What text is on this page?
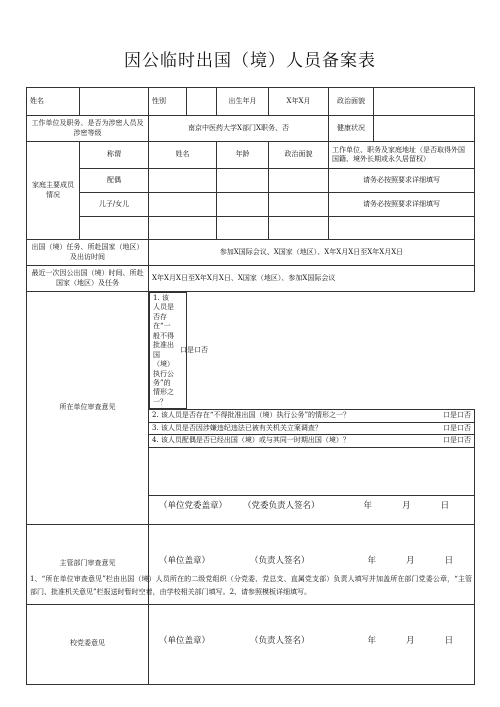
因公临时出国（境）人员备案表
姓名		性别		出生年月	X年X月	政治面貌	
工作单位及职务、是否为涉密人员及涉密等级		南京中医药大学X部门X职务、否				健康状况	
家庭主要成员情况	称谓	姓名		年龄	政治面貌	工作单位、职务及家庭地址（是否取得外国国籍、境外长期或永久居留权）	
	配偶					请务必按照要求详细填写	
	儿子/女儿					请务必按照要求详细填写	

出国（境）任务、所赴国家（地区）及出访时间		参加X国际会议、X国家（地区）、X年X月X日至X年X月X日					
最近一次因公出国（境）时间、所赴国家（地区）及任务		X年X月X日至X年X月X日、X国家（地区）、参加X国际会议					
所在单位审查意见	
1. 该人员是否存在“一般不得批准出国（境）执行公务”的情形之一？
口是口否

		2. 该人员是否存在“不得批准出国（境）执行公务”的情形之一？ 口是口否					

		3. 该人员是否因涉嫌违纪违法已被有关机关立案调查？ 口是口否					

		4. 该人员配偶是否已经出国（境）或与其同一时期出国（境）？ 口是口否					

		（单位党委盖章） （党委负责人签名） 年 月 日					

主管部门审查意见		（单位盖章） （负责人签名） 年 月 日					

校党委意见		（单位盖章） （负责人签名） 年 月 日					
1、“所在单位审查意见”栏由出国（境）人员所在的二级党组织（分党委、党总支、直属党支部）负责人填写并加盖所在部门党委公章，“主管部门、批准机关意见”栏报送时暂时空着，由学校相关部门填写。2、请参照模板详细填写。
